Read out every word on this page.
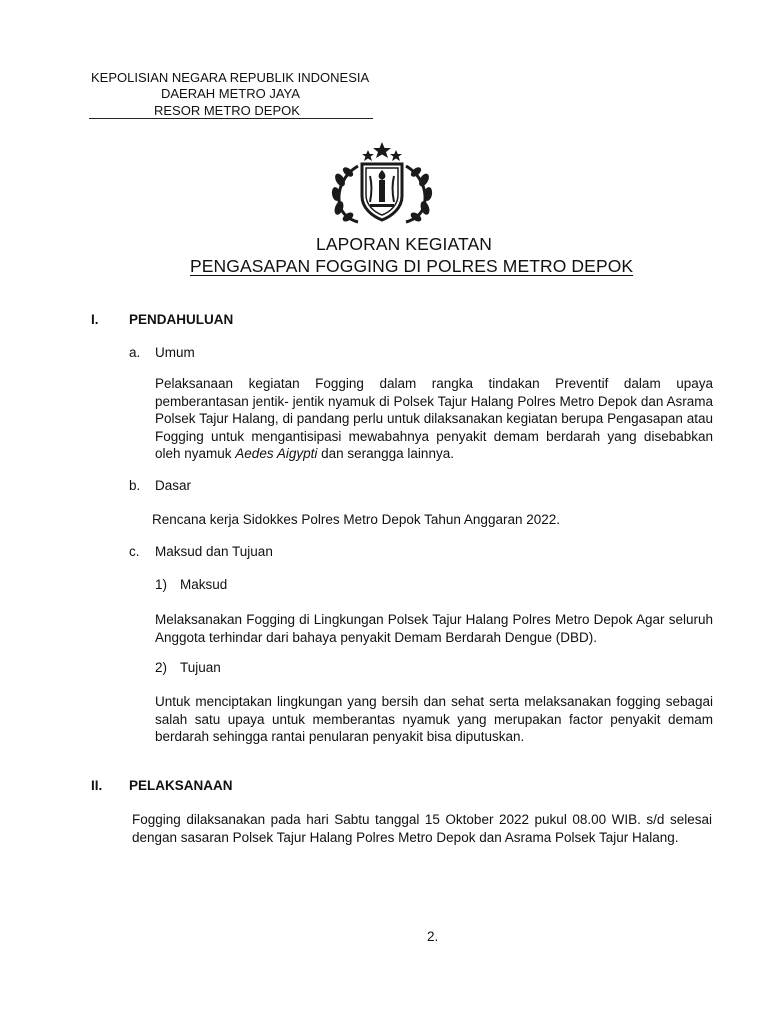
KEPOLISIAN NEGARA REPUBLIK INDONESIA
DAERAH METRO JAYA
RESOR METRO DEPOK
LAPORAN KEGIATAN
PENGASAPAN FOGGING DI POLRES METRO DEPOK
I. PENDAHULUAN
a. Umum
Pelaksanaan kegiatan Fogging dalam rangka tindakan Preventif dalam upaya pemberantasan jentik- jentik nyamuk di Polsek Tajur Halang Polres Metro Depok dan Asrama Polsek Tajur Halang, di pandang perlu untuk dilaksanakan kegiatan berupa Pengasapan atau Fogging untuk mengantisipasi mewabahnya penyakit demam berdarah yang disebabkan oleh nyamuk Aedes Aigypti dan serangga lainnya.
b. Dasar
Rencana kerja Sidokkes Polres Metro Depok Tahun Anggaran 2022.
c. Maksud dan Tujuan
1) Maksud
Melaksanakan Fogging di Lingkungan Polsek Tajur Halang Polres Metro Depok Agar seluruh Anggota terhindar dari bahaya penyakit Demam Berdarah Dengue (DBD).
2) Tujuan
Untuk menciptakan lingkungan yang bersih dan sehat serta melaksanakan fogging sebagai salah satu upaya untuk memberantas nyamuk yang merupakan factor penyakit demam berdarah sehingga rantai penularan penyakit bisa diputuskan.
II. PELAKSANAAN
Fogging dilaksanakan pada hari Sabtu tanggal 15 Oktober 2022 pukul 08.00 WIB. s/d selesai dengan sasaran Polsek Tajur Halang Polres Metro Depok dan Asrama Polsek Tajur Halang.
2.
